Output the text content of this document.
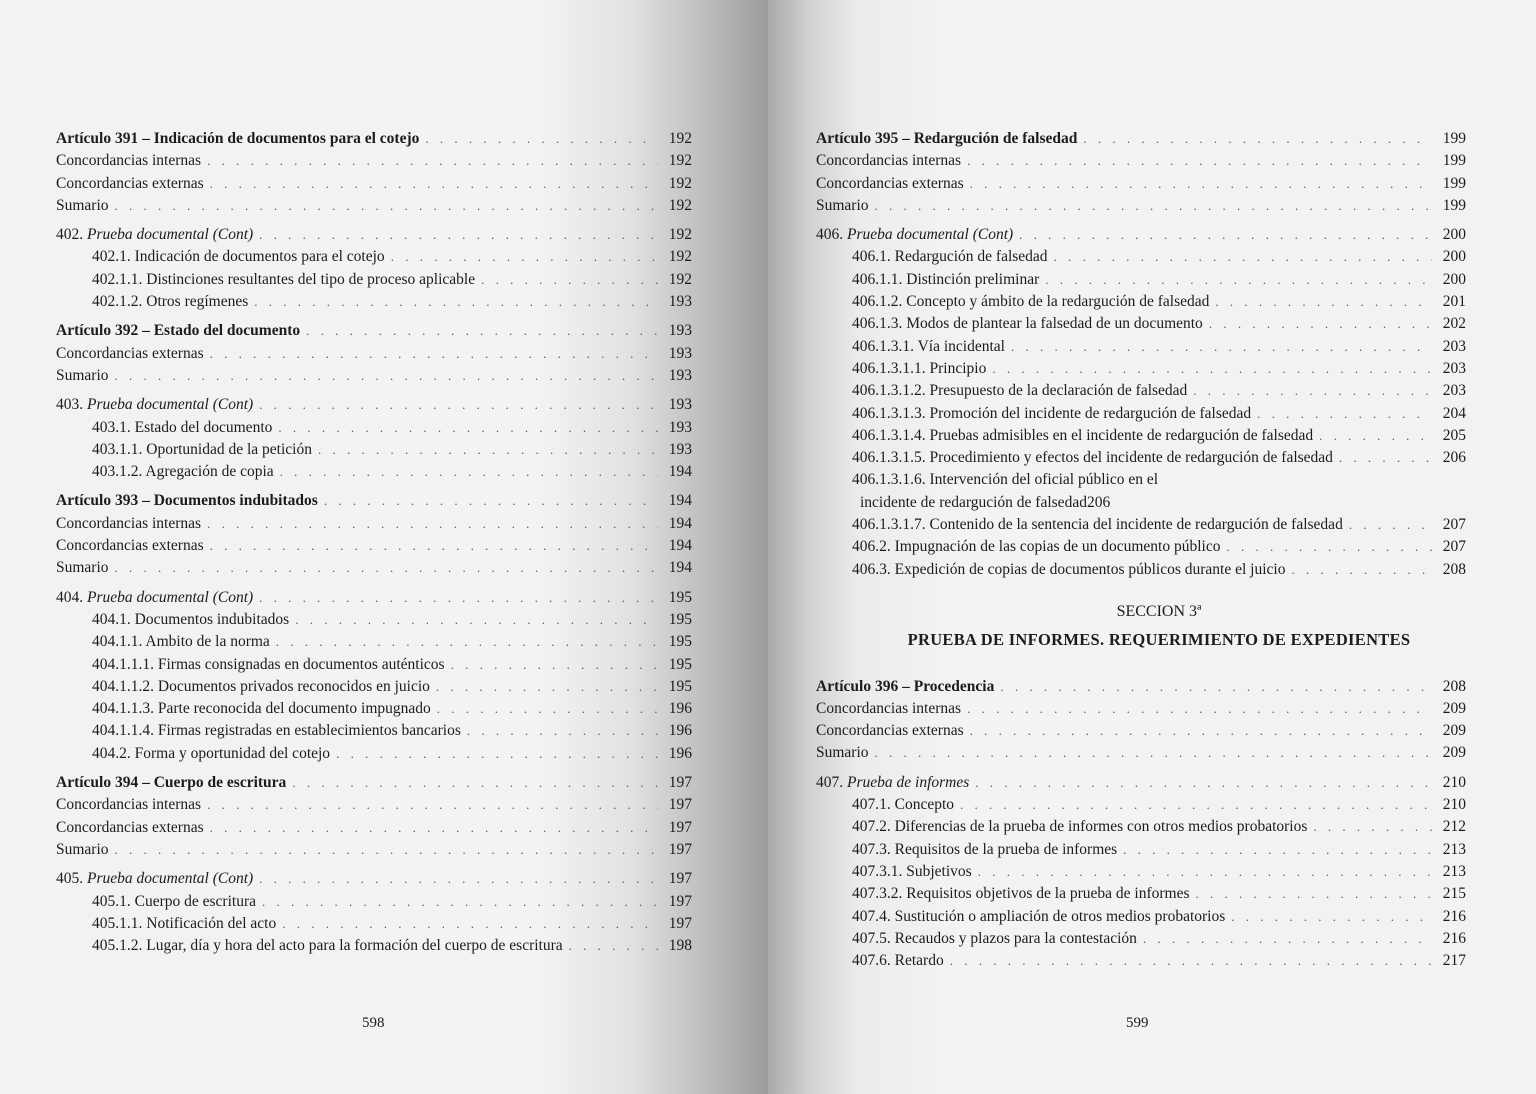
Artículo 391 – Indicación de documentos para el cotejo . . .	192
Concordancias internas . . .	192
Concordancias externas . . .	192
Sumario . . .	192
402. Prueba documental (Cont) . . .	192
402.1. Indicación de documentos para el cotejo . . .	192
402.1.1. Distinciones resultantes del tipo de proceso aplicable . . .	192
402.1.2. Otros regímenes . . .	193
Artículo 392 – Estado del documento . . .	193
Concordancias externas . . .	193
Sumario . . .	193
403. Prueba documental (Cont) . . .	193
403.1. Estado del documento . . .	193
403.1.1. Oportunidad de la petición . . .	193
403.1.2. Agregación de copia . . .	194
Artículo 393 – Documentos indubitados . . .	194
Concordancias internas . . .	194
Concordancias externas . . .	194
Sumario . . .	194
404. Prueba documental (Cont) . . .	195
404.1. Documentos indubitados . . .	195
404.1.1. Ambito de la norma . . .	195
404.1.1.1. Firmas consignadas en documentos auténticos . . .	195
404.1.1.2. Documentos privados reconocidos en juicio . . .	195
404.1.1.3. Parte reconocida del documento impugnado . . .	196
404.1.1.4. Firmas registradas en establecimientos bancarios . . .	196
404.2. Forma y oportunidad del cotejo . . .	196
Artículo 394 – Cuerpo de escritura . . .	197
Concordancias internas . . .	197
Concordancias externas . . .	197
Sumario . . .	197
405. Prueba documental (Cont) . . .	197
405.1. Cuerpo de escritura . . .	197
405.1.1. Notificación del acto . . .	197
405.1.2. Lugar, día y hora del acto para la formación del cuerpo de escritura . . .	198
598
Artículo 395 – Redargución de falsedad . . .	199
Concordancias internas . . .	199
Concordancias externas . . .	199
Sumario . . .	199
406. Prueba documental (Cont) . . .	200
406.1. Redargución de falsedad . . .	200
406.1.1. Distinción preliminar . . .	200
406.1.2. Concepto y ámbito de la redargución de falsedad . . .	201
406.1.3. Modos de plantear la falsedad de un documento . . .	202
406.1.3.1. Vía incidental . . .	203
406.1.3.1.1. Principio . . .	203
406.1.3.1.2. Presupuesto de la declaración de falsedad . . .	203
406.1.3.1.3. Promoción del incidente de redargución de falsedad . . .	204
406.1.3.1.4. Pruebas admisibles en el incidente de redargución de falsedad . . .	205
406.1.3.1.5. Procedimiento y efectos del incidente de redargución de falsedad . . .	206
406.1.3.1.6. Intervención del oficial público en el
incidente de redargución de falsedad 206
406.1.3.1.7. Contenido de la sentencia del incidente de redargución de falsedad . . .	207
406.2. Impugnación de las copias de un documento público . . .	207
406.3. Expedición de copias de documentos públicos durante el juicio . . .	208
SECCION 3ª
PRUEBA DE INFORMES. REQUERIMIENTO DE EXPEDIENTES
Artículo 396 – Procedencia . . .	208
Concordancias internas . . .	209
Concordancias externas . . .	209
Sumario . . .	209
407. Prueba de informes . . .	210
407.1. Concepto . . .	210
407.2. Diferencias de la prueba de informes con otros medios probatorios . . .	212
407.3. Requisitos de la prueba de informes . . .	213
407.3.1. Subjetivos . . .	213
407.3.2. Requisitos objetivos de la prueba de informes . . .	215
407.4. Sustitución o ampliación de otros medios probatorios . . .	216
407.5. Recaudos y plazos para la contestación . . .	216
407.6. Retardo . . .	217
599
